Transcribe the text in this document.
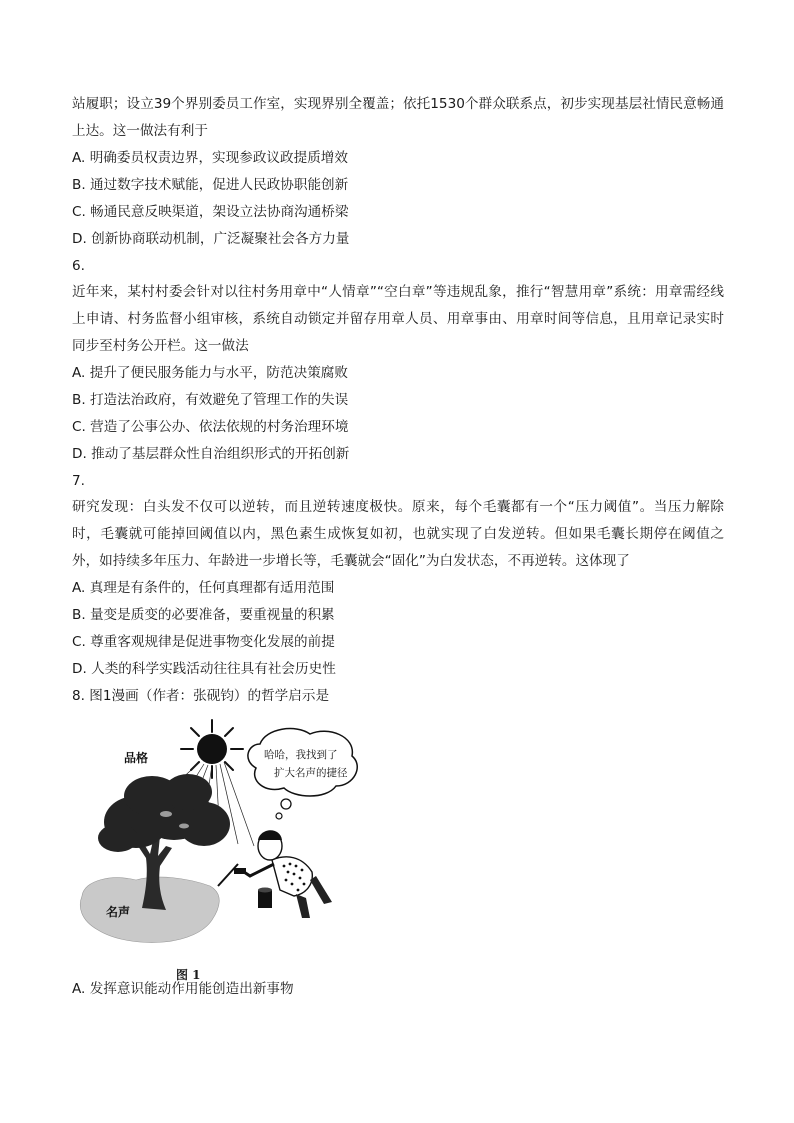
站履职；设立39个界别委员工作室，实现界别全覆盖；依托1530个群众联系点，初步实现基层社情民意畅通上达。这一做法有利于

A. 明确委员权责边界，实现参政议政提质增效

B. 通过数字技术赋能，促进人民政协职能创新

C. 畅通民意反映渠道，架设立法协商沟通桥梁

D. 创新协商联动机制，广泛凝聚社会各方力量

6.

近年来，某村村委会针对以往村务用章中“人情章”“空白章”等违规乱象，推行“智慧用章”系统：用章需经线上申请、村务监督小组审核，系统自动锁定并留存用章人员、用章事由、用章时间等信息，且用章记录实时同步至村务公开栏。这一做法

A. 提升了便民服务能力与水平，防范决策腐败

B. 打造法治政府，有效避免了管理工作的失误

C. 营造了公事公办、依法依规的村务治理环境

D. 推动了基层群众性自治组织形式的开拓创新

7.

研究发现：白头发不仅可以逆转，而且逆转速度极快。原来，每个毛囊都有一个“压力阈值”。当压力解除时，毛囊就可能掉回阈值以内，黑色素生成恢复如初，也就实现了白发逆转。但如果毛囊长期停在阈值之外，如持续多年压力、年龄进一步增长等，毛囊就会“固化”为白发状态，不再逆转。这体现了

A. 真理是有条件的，任何真理都有适用范围

B. 量变是质变的必要准备，要重视量的积累

C. 尊重客观规律是促进事物变化发展的前提

D. 人类的科学实践活动往往具有社会历史性

8. 图1漫画（作者：张砚钧）的哲学启示是

品格
名声
哈哈，我找到了
扩大名声的捷径
图 1

A. 发挥意识能动作用能创造出新事物
